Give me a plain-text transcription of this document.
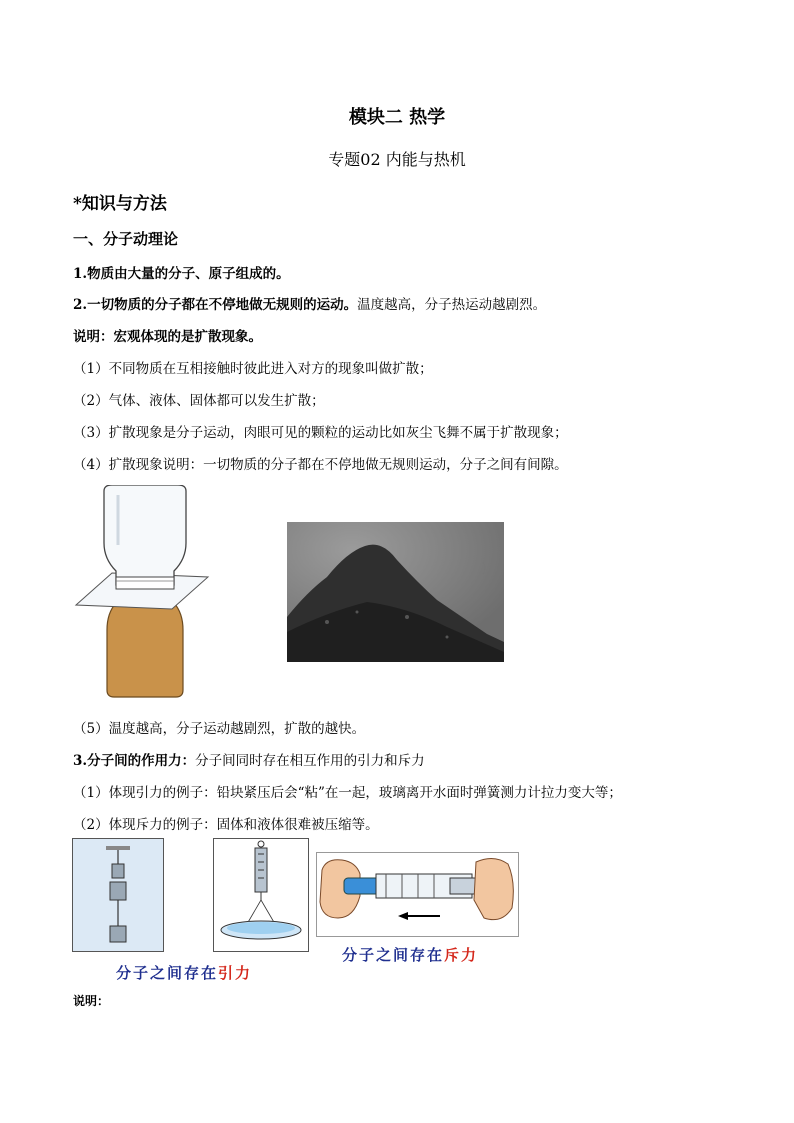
模块二 热学
专题02 内能与热机
*知识与方法
一、分子动理论
1.物质由大量的分子、原子组成的。
2.一切物质的分子都在不停地做无规则的运动。温度越高，分子热运动越剧烈。
说明：宏观体现的是扩散现象。
（1）不同物质在互相接触时彼此进入对方的现象叫做扩散；
（2）气体、液体、固体都可以发生扩散；
（3）扩散现象是分子运动，肉眼可见的颗粒的运动比如灰尘飞舞不属于扩散现象；
（4）扩散现象说明：一切物质的分子都在不停地做无规则运动，分子之间有间隙。
（5）温度越高，分子运动越剧烈，扩散的越快。
3.分子间的作用力：分子间同时存在相互作用的引力和斥力
（1）体现引力的例子：铅块紧压后会“粘”在一起，玻璃离开水面时弹簧测力计拉力变大等；
（2）体现斥力的例子：固体和液体很难被压缩等。
分子之间存在引力
分子之间存在斥力
说明：
